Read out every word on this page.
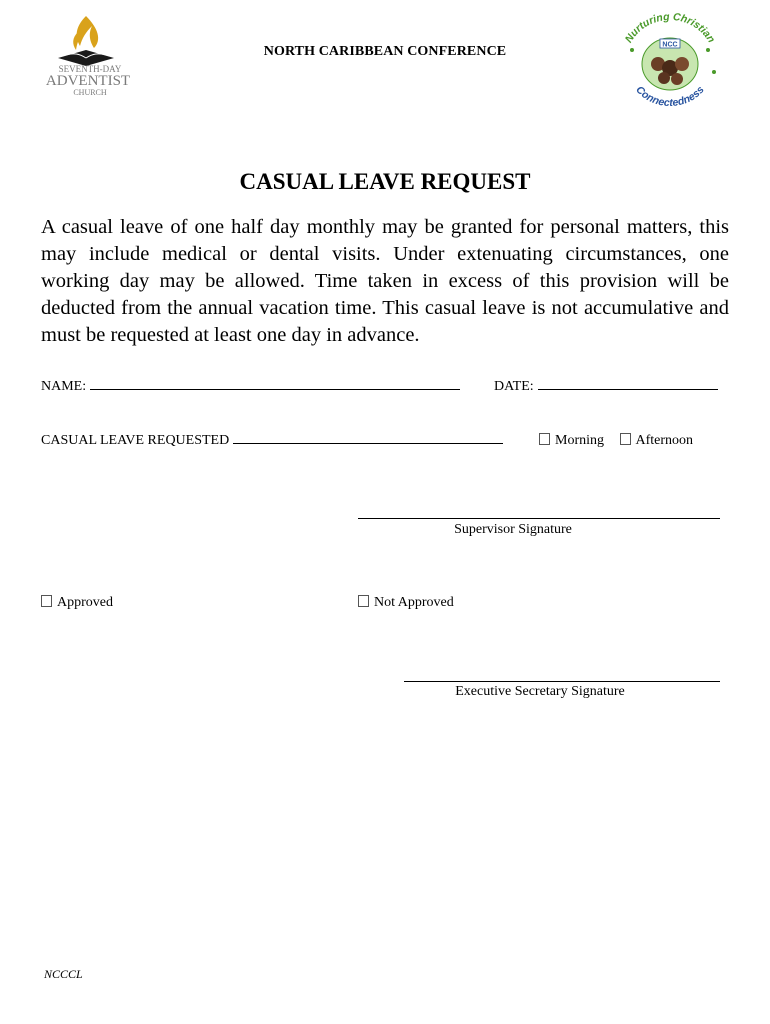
SEVENTH-DAY
ADVENTIST
CHURCH
NORTH CARIBBEAN CONFERENCE
Nurturing Christian
Connectedness
NCC
CASUAL LEAVE REQUEST
A casual leave of one half day monthly may be granted for personal matters, this may include medical or dental visits. Under extenuating circumstances, one working day may be allowed. Time taken in excess of this provision will be deducted from the annual vacation time. This casual leave is not accumulative and must be requested at least one day in advance.
NAME:	DATE:
CASUAL LEAVE REQUESTED	Morning Afternoon
Supervisor Signature
Approved	Not Approved
Executive Secretary Signature
NCCCL
